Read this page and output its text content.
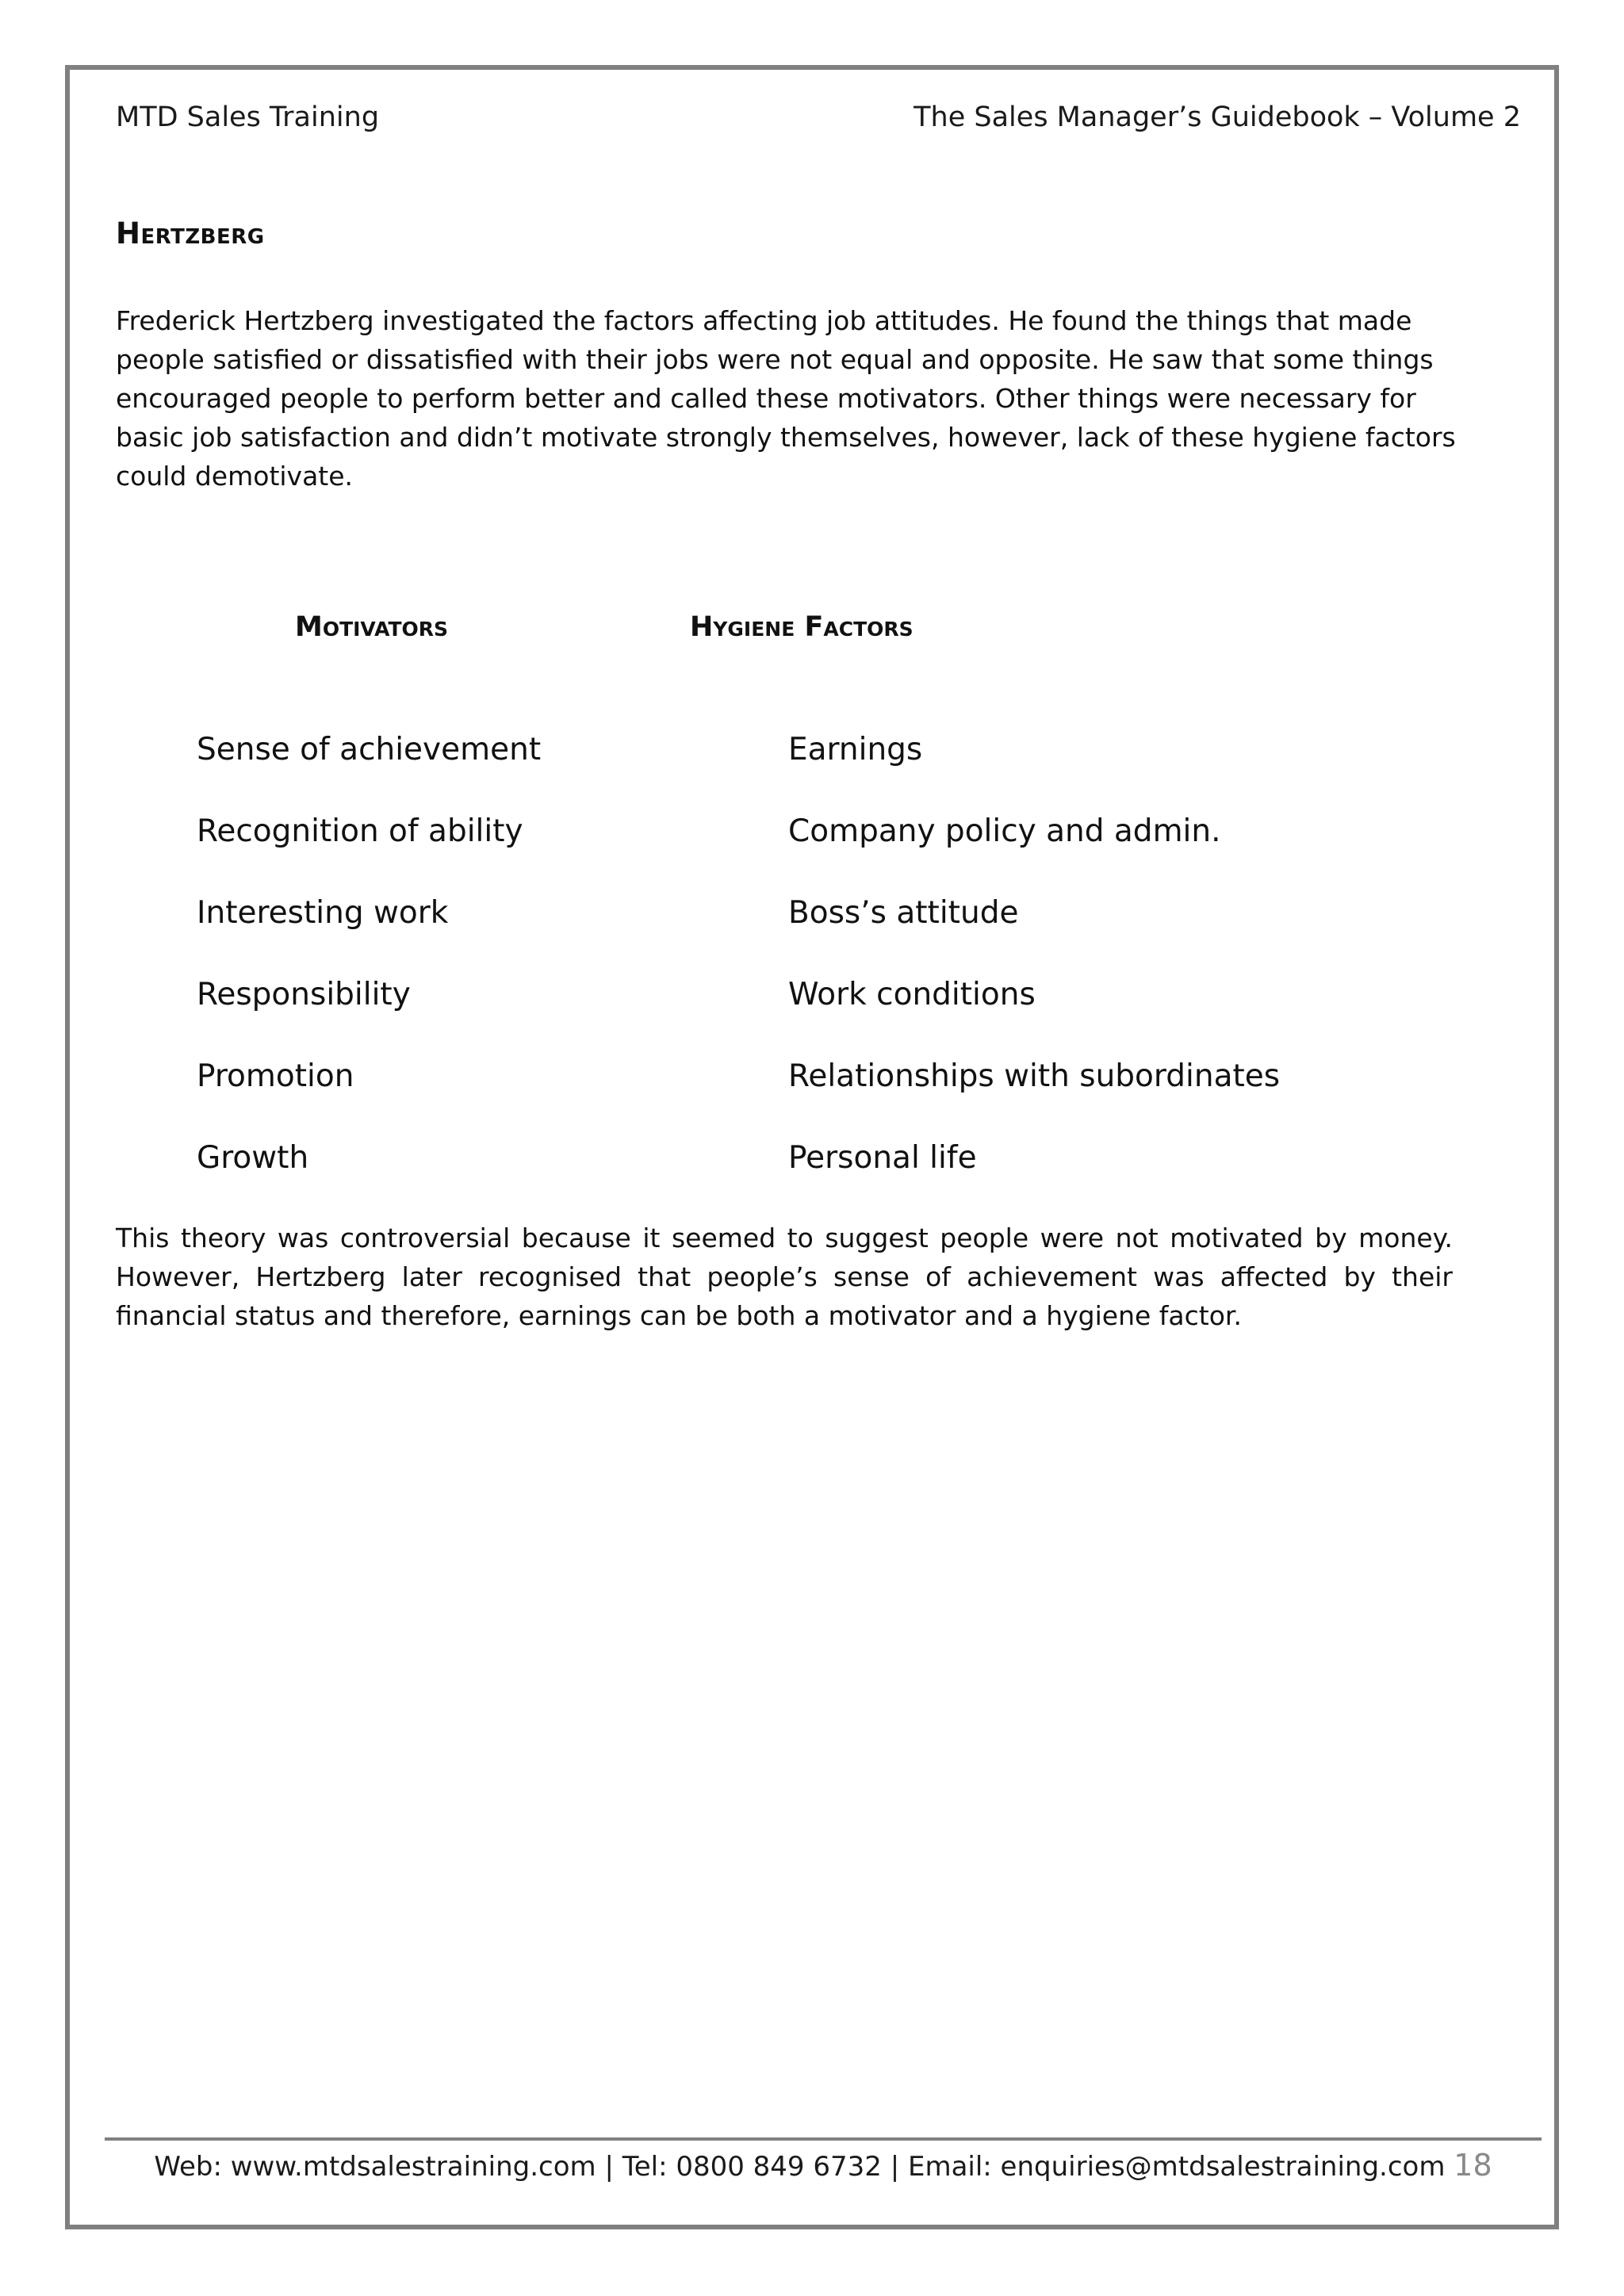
MTD Sales Training	The Sales Manager’s Guidebook – Volume 2
Hertzberg

Frederick Hertzberg investigated the factors affecting job attitudes. He found the things that made people satisfied or dissatisfied with their jobs were not equal and opposite. He saw that some things encouraged people to perform better and called these motivators. Other things were necessary for basic job satisfaction and didn’t motivate strongly themselves, however, lack of these hygiene factors could demotivate.

Motivators	Hygiene Factors
Sense of achievement
Recognition of ability
Interesting work
Responsibility
Promotion
Growth
Earnings
Company policy and admin.
Boss’s attitude
Work conditions
Relationships with subordinates
Personal life

This theory was controversial because it seemed to suggest people were not motivated by money. However, Hertzberg later recognised that people’s sense of achievement was affected by their financial status and therefore, earnings can be both a motivator and a hygiene factor.

Web: www.mtdsalestraining.com | Tel: 0800 849 6732 | Email: enquiries@mtdsalestraining.com 18
